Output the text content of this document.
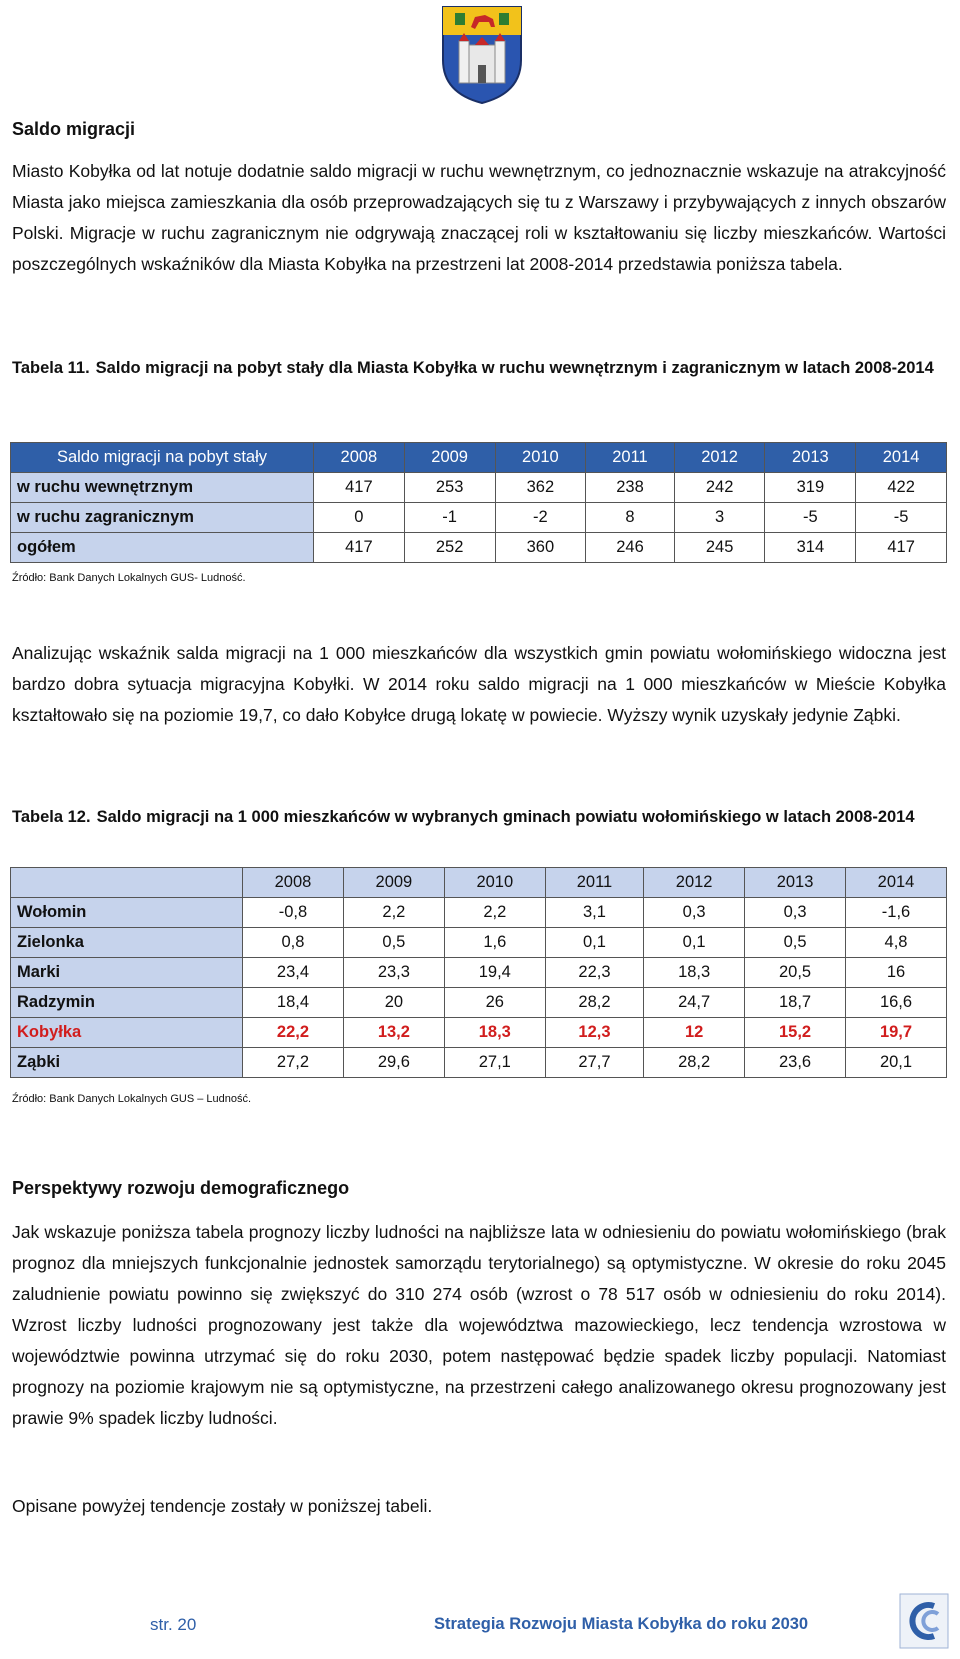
Saldo migracji

Miasto Kobyłka od lat notuje dodatnie saldo migracji w ruchu wewnętrznym, co jednoznacznie wskazuje na atrakcyjność Miasta jako miejsca zamieszkania dla osób przeprowadzających się tu z Warszawy i przybywających z innych obszarów Polski. Migracje w ruchu zagranicznym nie odgrywają znaczącej roli w kształtowaniu się liczby mieszkańców. Wartości poszczególnych wskaźników dla Miasta Kobyłka na przestrzeni lat 2008-2014 przedstawia poniższa tabela.

Tabela 11. Saldo migracji na pobyt stały dla Miasta Kobyłka w ruchu wewnętrznym i zagranicznym w latach 2008-2014
Saldo migracji na pobyt stały	2008	2009	2010	2011	2012	2013	2014
w ruchu wewnętrznym	417	253	362	238	242	319	422
w ruchu zagranicznym	0	-1	-2	8	3	-5	-5
ogółem	417	252	360	246	245	314	417

Źródło: Bank Danych Lokalnych GUS- Ludność.

Analizując wskaźnik salda migracji na 1 000 mieszkańców dla wszystkich gmin powiatu wołomińskiego widoczna jest bardzo dobra sytuacja migracyjna Kobyłki. W 2014 roku saldo migracji na 1 000 mieszkańców w Mieście Kobyłka kształtowało się na poziomie 19,7, co dało Kobyłce drugą lokatę w powiecie. Wyższy wynik uzyskały jedynie Ząbki.

Tabela 12. Saldo migracji na 1 000 mieszkańców w wybranych gminach powiatu wołomińskiego w latach 2008-2014
	2008	2009	2010	2011	2012	2013	2014
Wołomin	-0,8	2,2	2,2	3,1	0,3	0,3	-1,6
Zielonka	0,8	0,5	1,6	0,1	0,1	0,5	4,8
Marki	23,4	23,3	19,4	22,3	18,3	20,5	16
Radzymin	18,4	20	26	28,2	24,7	18,7	16,6
Kobyłka	22,2	13,2	18,3	12,3	12	15,2	19,7
Ząbki	27,2	29,6	27,1	27,7	28,2	23,6	20,1

Źródło: Bank Danych Lokalnych GUS – Ludność.

Perspektywy rozwoju demograficznego

Jak wskazuje poniższa tabela prognozy liczby ludności na najbliższe lata w odniesieniu do powiatu wołomińskiego (brak prognoz dla mniejszych funkcjonalnie jednostek samorządu terytorialnego) są optymistyczne. W okresie do roku 2045 zaludnienie powiatu powinno się zwiększyć do 310 274 osób (wzrost o 78 517 osób w odniesieniu do roku 2014). Wzrost liczby ludności prognozowany jest także dla województwa mazowieckiego, lecz tendencja wzrostowa w województwie powinna utrzymać się do roku 2030, potem następować będzie spadek liczby populacji. Natomiast prognozy na poziomie krajowym nie są optymistyczne, na przestrzeni całego analizowanego okresu prognozowany jest prawie 9% spadek liczby ludności.

Opisane powyżej tendencje zostały w poniższej tabeli.

str. 20	Strategia Rozwoju Miasta Kobyłka do roku 2030
